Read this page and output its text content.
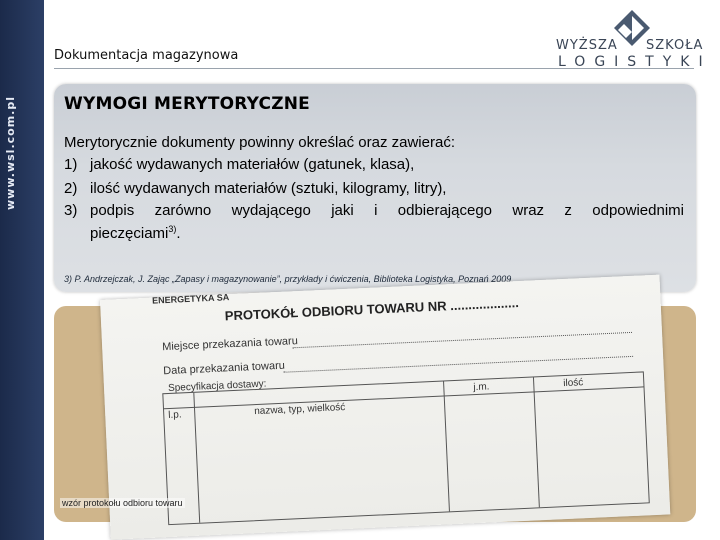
www.wsl.com.pl
Dokumentacja magazynowa
WYŻSZA SZKOŁA
LOGISTYKI
WYMOGI MERYTORYCZNE
Merytorycznie dokumenty powinny określać oraz zawierać:
1) jakość wydawanych materiałów (gatunek, klasa),
2) ilość wydawanych materiałów (sztuki, kilogramy, litry),
3) podpis zarówno wydającego jaki i odbierającego wraz z odpowiednimi
pieczęciami$^{3)}$.
3) P. Andrzejczak, J. Zając „Zapasy i magazynowanie”, przykłady i ćwiczenia, Biblioteka Logistyka, Poznań 2009
ENERGETYKA SA
PROTOKÓŁ ODBIORU TOWARU NR ...................
Miejsce przekazania towaru
Data przekazania towaru
Specyfikacja dostawy:
l.p.	nazwa, typ, wielkość
j.m.	ilość
wzór protokołu odbioru towaru
